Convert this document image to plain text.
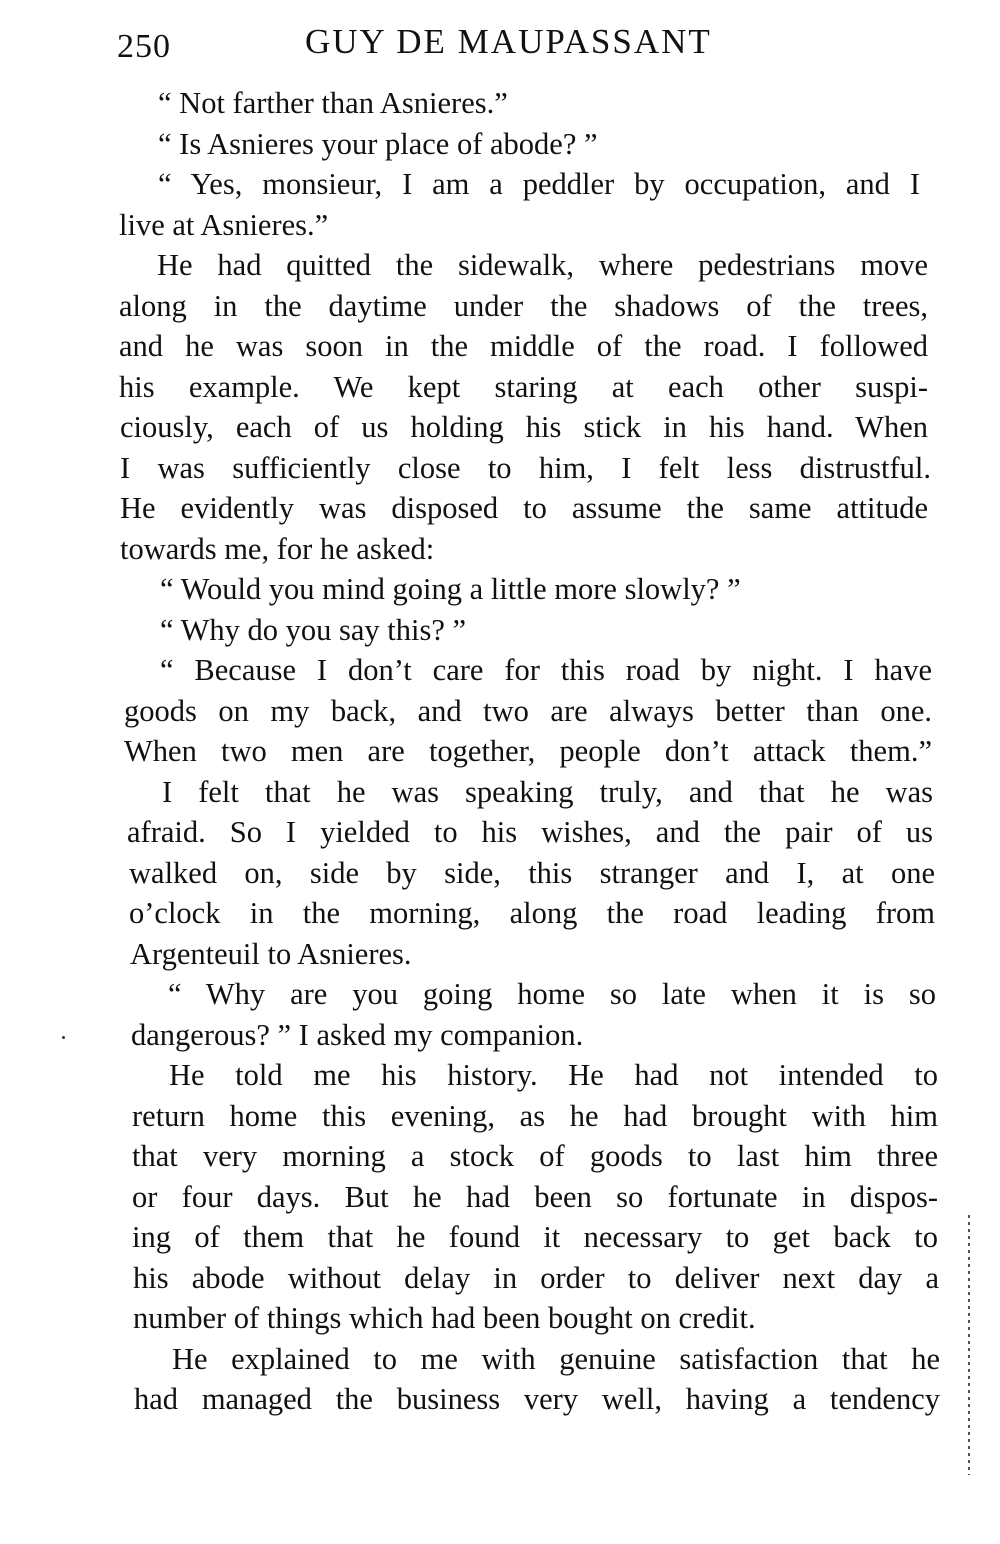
250	GUY DE MAUPASSANT
“ Not farther than Asnieres.”
“ Is Asnieres your place of abode? ”
“ Yes, monsieur, I am a peddler by occupation, and I
live at Asnieres.”
He had quitted the sidewalk, where pedestrians move
along in the daytime under the shadows of the trees,
and he was soon in the middle of the road. I followed
his example. We kept staring at each other suspi-
ciously, each of us holding his stick in his hand. When
I was sufficiently close to him, I felt less distrustful.
He evidently was disposed to assume the same attitude
towards me, for he asked:
“ Would you mind going a little more slowly? ”
“ Why do you say this? ”
“ Because I don’t care for this road by night. I have
goods on my back, and two are always better than one.
When two men are together, people don’t attack them.”
I felt that he was speaking truly, and that he was
afraid. So I yielded to his wishes, and the pair of us
walked on, side by side, this stranger and I, at one
o’clock in the morning, along the road leading from
Argenteuil to Asnieres.
“ Why are you going home so late when it is so
dangerous? ” I asked my companion.
He told me his history. He had not intended to
return home this evening, as he had brought with him
that very morning a stock of goods to last him three
or four days. But he had been so fortunate in dispos-
ing of them that he found it necessary to get back to
his abode without delay in order to deliver next day a
number of things which had been bought on credit.
He explained to me with genuine satisfaction that he
had managed the business very well, having a tendency
